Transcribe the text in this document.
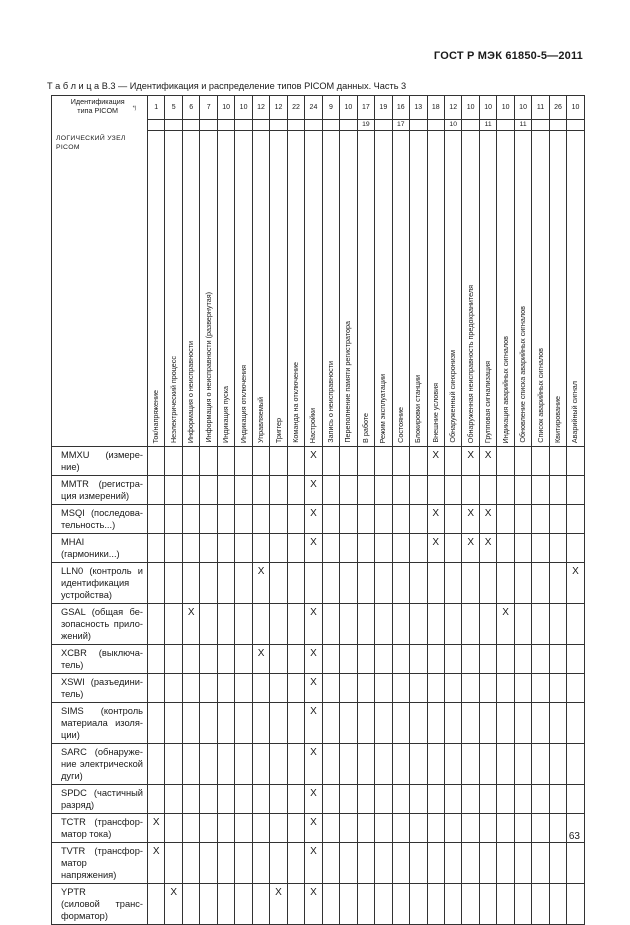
ГОСТ Р МЭК 61850-5—2011
Т а б л и ц а В.3 — Идентификация и распределение типов PICOM данных. Часть 3
Идентификация типа PICOM *)	1	5	6	7	10	10	12	12	22	24	9	10	17	19	16	13	18	12	10	10	10	10	11	26	10
													19		17			10		11		11			
ЛОГИЧЕСКИЙ УЗЕЛ PICOM	Ток/напряжение	Неэлектрический процесс	Информация о неисправности	Информация о неисправности (развернутая)	Индикация пуска	Индикация отключения	Управляемый	Триггер	Команда на отключение	Настройки	Запись о неисправности	Переполнение памяти регистратора	В работе	Режим эксплуатации	Состояние	Блокировки станции	Внешние условия	Обнаруженный синхронизм	Обнаруженная неисправность предохранителя	Групповая сигнализация	Индикация аварийных сигналов	Обновление списка аварийных сигналов	Список аварийных сигналов	Квитирование	Аварийный сигнал

MMXU (измере-
ние)										X							X		X	X					

MMTR (регистра-
ция измерений)										X															

MSQI (последова-
тельность...)										X							X		X	X					

MHAI
(гармоники...)										X							X		X	X					

LLN0 (контроль и
идентификация
устройства)							X																		X

GSAL (общая бе-
зопасность прило-
жений)			X							X											X				

XCBR (выключа-
тель)							X			X															

XSWI (разъедини-
тель)										X															

SIMS (контроль
материала изоля-
ции)										X															

SARC (обнаруже-
ние электрической
дуги)										X															

SPDC (частичный
разряд)										X															

TCTR (трансфор-
матор тока)	X									X															

TVTR (трансфор-
матор напряжения)	X									X															

YPTR
(силовой транс-
форматор)		X						X		X															
63
